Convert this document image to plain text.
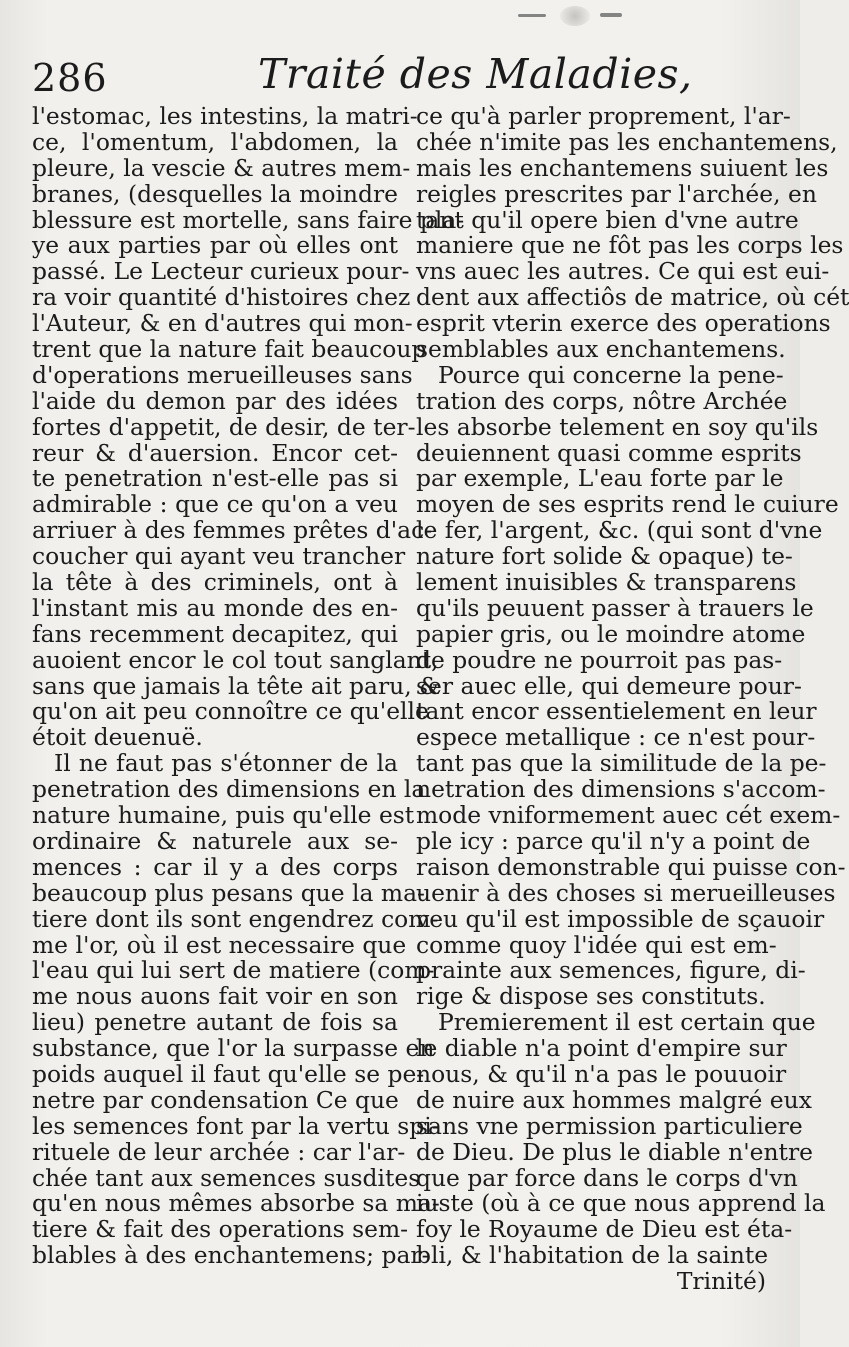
286	Traité des Maladies,
l'estomac, les intestins, la matri-
ce, l'omentum, l'abdomen, la
pleure, la vescie & autres mem-
branes, (desquelles la moindre
blessure est mortelle, sans faire pla-
ye aux parties par où elles ont
passé. Le Lecteur curieux pour-
ra voir quantité d'histoires chez
l'Auteur, & en d'autres qui mon-
trent que la nature fait beaucoup
d'operations merueilleuses sans
l'aide du demon par des idées
fortes d'appetit, de desir, de ter-
reur & d'auersion. Encor cet-
te penetration n'est-elle pas si
admirable : que ce qu'on a veu
arriuer à des femmes prêtes d'ac-
coucher qui ayant veu trancher
la tête à des criminels, ont à
l'instant mis au monde des en-
fans recemment decapitez, qui
auoient encor le col tout sanglant,
sans que jamais la tête ait paru, &
qu'on ait peu connoître ce qu'elle
étoit deuenuë.
Il ne faut pas s'étonner de la
penetration des dimensions en la
nature humaine, puis qu'elle est
ordinaire & naturele aux se-
mences : car il y a des corps
beaucoup plus pesans que la ma-
tiere dont ils sont engendrez com-
me l'or, où il est necessaire que
l'eau qui lui sert de matiere (com-
me nous auons fait voir en son
lieu) penetre autant de fois sa
substance, que l'or la surpasse en
poids auquel il faut qu'elle se pe-
netre par condensation Ce que
les semences font par la vertu spi-
rituele de leur archée : car l'ar-
chée tant aux semences susdites
qu'en nous mêmes absorbe sa ma-
tiere & fait des operations sem-
blables à des enchantemens; par-
ce qu'à parler proprement, l'ar-
chée n'imite pas les enchantemens,
mais les enchantemens suiuent les
reigles prescrites par l'archée, en
tant qu'il opere bien d'vne autre
maniere que ne fôt pas les corps les
vns auec les autres. Ce qui est eui-
dent aux affectiôs de matrice, où cét
esprit vterin exerce des operations
semblables aux enchantemens.
Pource qui concerne la pene-
tration des corps, nôtre Archée
les absorbe telement en soy qu'ils
deuiennent quasi comme esprits
par exemple, L'eau forte par le
moyen de ses esprits rend le cuiure
le fer, l'argent, &c. (qui sont d'vne
nature fort solide & opaque) te-
lement inuisibles & transparens
qu'ils peuuent passer à trauers le
papier gris, ou le moindre atome
de poudre ne pourroit pas pas-
ser auec elle, qui demeure pour-
tant encor essentielement en leur
espece metallique : ce n'est pour-
tant pas que la similitude de la pe-
netration des dimensions s'accom-
mode vniformement auec cét exem-
ple icy : parce qu'il n'y a point de
raison demonstrable qui puisse con-
uenir à des choses si merueilleuses
veu qu'il est impossible de sçauoir
comme quoy l'idée qui est em-
prainte aux semences, figure, di-
rige & dispose ses constituts.
Premierement il est certain que
le diable n'a point d'empire sur
nous, & qu'il n'a pas le pouuoir
de nuire aux hommes malgré eux
sans vne permission particuliere
de Dieu. De plus le diable n'entre
que par force dans le corps d'vn
iuste (où à ce que nous apprend la
foy le Royaume de Dieu est éta-
bli, & l'habitation de la sainte
Trinité)
